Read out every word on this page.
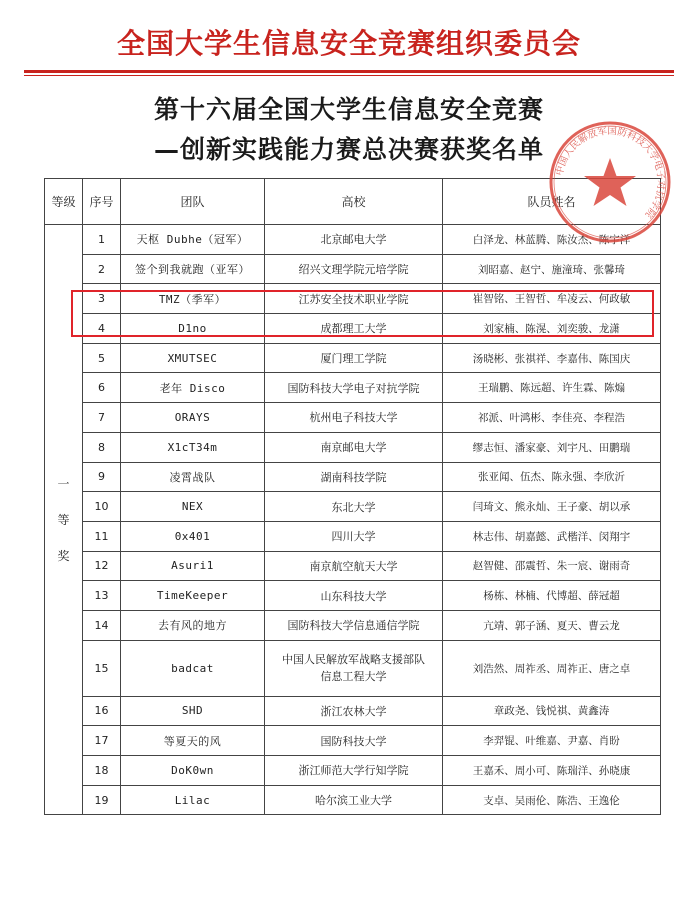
全国大学生信息安全竞赛组织委员会
第十六届全国大学生信息安全竞赛
—创新实践能力赛总决赛获奖名单
等级	序号	团队	高校	队员姓名

一
等
奖	1	天枢 Dubhe（冠军）	北京邮电大学	白泽龙、林蓝腾、陈汝杰、陈宇洋
	2	签个到我就跑（亚军）	绍兴文理学院元培学院	刘昭嘉、赵宁、施潼琦、张馨琦
	3	TMZ（季军）	江苏安全技术职业学院	崔智铭、王智哲、牟凌云、何政敏
	4	D1no	成都理工大学	刘家楠、陈滉、刘奕骏、龙潇
	5	XMUTSEC	厦门理工学院	汤晓彬、张祺祥、李嘉伟、陈国庆
	6	老年 Disco	国防科技大学电子对抗学院	王瑞鹏、陈远超、许生霖、陈煽
	7	ORAYS	杭州电子科技大学	祁派、叶鸿彬、李佳亮、李程浩
	8	X1cT34m	南京邮电大学	缪志恒、潘家豪、刘宇凡、田鹏瑞
	9	凌霄战队	湖南科技学院	张亚闻、伍杰、陈永强、李欣沂
	10	NEX	东北大学	闫琦文、熊永灿、王子豪、胡以承
	11	0x401	四川大学	林志伟、胡嘉懿、武楷洋、闵翔宇
	12	Asuri1	南京航空航天大学	赵智健、邵震哲、朱一宸、谢雨奇
	13	TimeKeeper	山东科技大学	杨栋、林楠、代博超、薛冠超
	14	去有风的地方	国防科技大学信息通信学院	亢靖、郭子涵、夏天、曹云龙
	15	badcat	中国人民解放军战略支援部队
信息工程大学	刘浩然、周祚丞、周祚正、唐之卓
	16	SHD	浙江农林大学	章政尧、钱悦祺、黄鑫涛
	17	等夏天的风	国防科技大学	李羿锟、叶维嘉、尹嘉、肖盼
	18	DoK0wn	浙江师范大学行知学院	王嘉禾、周小可、陈瑞洋、孙晓康
	19	Lilac	哈尔滨工业大学	支卓、吴雨伦、陈浩、王逸伦
中国人民解放军国防科技大学电子对抗学院
